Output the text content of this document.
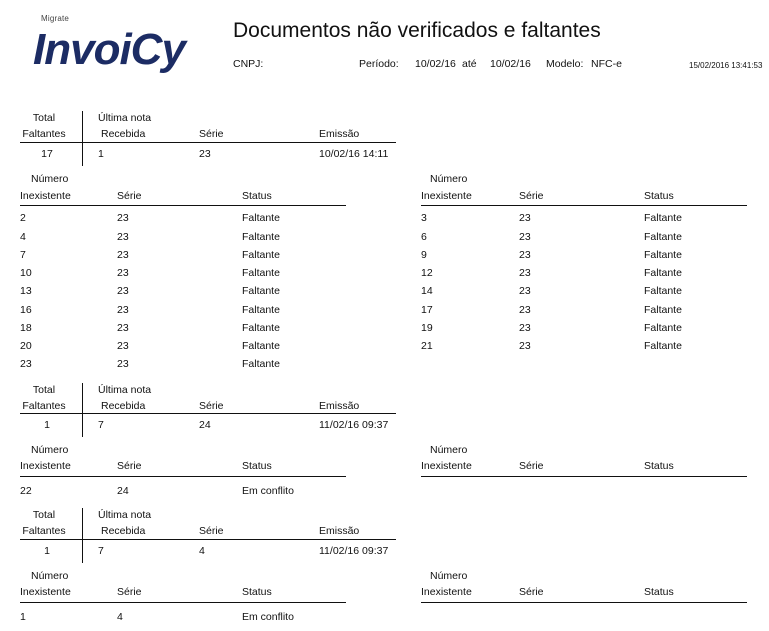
Migrate
InvoiCy Documentos não verificados e faltantes
CNPJ:	Período: 10/02/16 até 10/02/16 Modelo: NFC-e	15/02/2016 13:41:53
Total
Faltantes
Última nota
Recebida	Série	Emissão
17	1	23	10/02/16 14:11
Número
Inexistente	Série	Status
Número
Inexistente	Série	Status
2	23	Faltante
4	23	Faltante
7	23	Faltante
10	23	Faltante
13	23	Faltante
16	23	Faltante
18	23	Faltante
20	23	Faltante
23	23	Faltante
3	23	Faltante
6	23	Faltante
9	23	Faltante
12	23	Faltante
14	23	Faltante
17	23	Faltante
19	23	Faltante
21	23	Faltante
Total
Faltantes
Última nota
Recebida	Série	Emissão
1	7	24	11/02/16 09:37
Número
Inexistente	Série	Status
Número
Inexistente	Série	Status
22	24	Em conflito
Total
Faltantes
Última nota
Recebida	Série	Emissão
1	7	4	11/02/16 09:37
Número
Inexistente	Série	Status
Número
Inexistente	Série	Status
1	4	Em conflito
